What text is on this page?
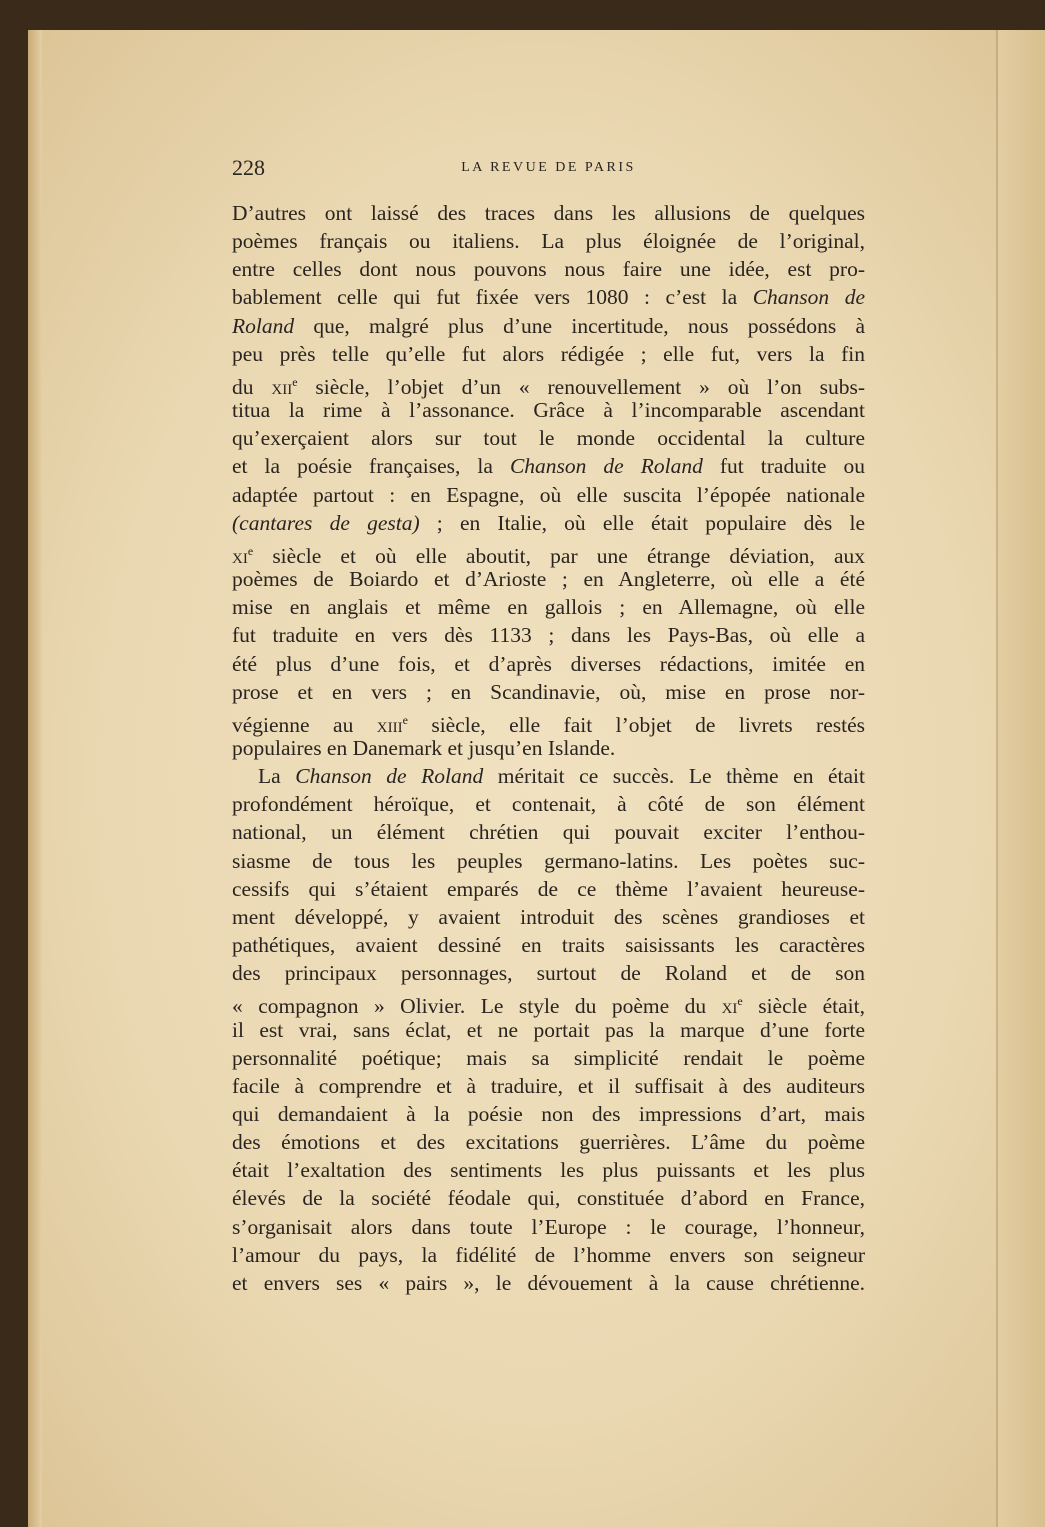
228	LA REVUE DE PARIS
D’autres ont laissé des traces dans les allusions de quelques
poèmes français ou italiens. La plus éloignée de l’original,
entre celles dont nous pouvons nous faire une idée, est pro-
bablement celle qui fut fixée vers 1080 : c’est la Chanson de
Roland que, malgré plus d’une incertitude, nous possédons à
peu près telle qu’elle fut alors rédigée ; elle fut, vers la fin
du XIIe siècle, l’objet d’un « renouvellement » où l’on subs-
titua la rime à l’assonance. Grâce à l’incomparable ascendant
qu’exerçaient alors sur tout le monde occidental la culture
et la poésie françaises, la Chanson de Roland fut traduite ou
adaptée partout : en Espagne, où elle suscita l’épopée nationale
(cantares de gesta) ; en Italie, où elle était populaire dès le
XIe siècle et où elle aboutit, par une étrange déviation, aux
poèmes de Boiardo et d’Arioste ; en Angleterre, où elle a été
mise en anglais et même en gallois ; en Allemagne, où elle
fut traduite en vers dès 1133 ; dans les Pays-Bas, où elle a
été plus d’une fois, et d’après diverses rédactions, imitée en
prose et en vers ; en Scandinavie, où, mise en prose nor-
végienne au XIIIe siècle, elle fait l’objet de livrets restés
populaires en Danemark et jusqu’en Islande.
La Chanson de Roland méritait ce succès. Le thème en était
profondément héroïque, et contenait, à côté de son élément
national, un élément chrétien qui pouvait exciter l’enthou-
siasme de tous les peuples germano-latins. Les poètes suc-
cessifs qui s’étaient emparés de ce thème l’avaient heureuse-
ment développé, y avaient introduit des scènes grandioses et
pathétiques, avaient dessiné en traits saisissants les caractères
des principaux personnages, surtout de Roland et de son
« compagnon » Olivier. Le style du poème du XIe siècle était,
il est vrai, sans éclat, et ne portait pas la marque d’une forte
personnalité poétique; mais sa simplicité rendait le poème
facile à comprendre et à traduire, et il suffisait à des auditeurs
qui demandaient à la poésie non des impressions d’art, mais
des émotions et des excitations guerrières. L’âme du poème
était l’exaltation des sentiments les plus puissants et les plus
élevés de la société féodale qui, constituée d’abord en France,
s’organisait alors dans toute l’Europe : le courage, l’honneur,
l’amour du pays, la fidélité de l’homme envers son seigneur
et envers ses « pairs », le dévouement à la cause chrétienne.
